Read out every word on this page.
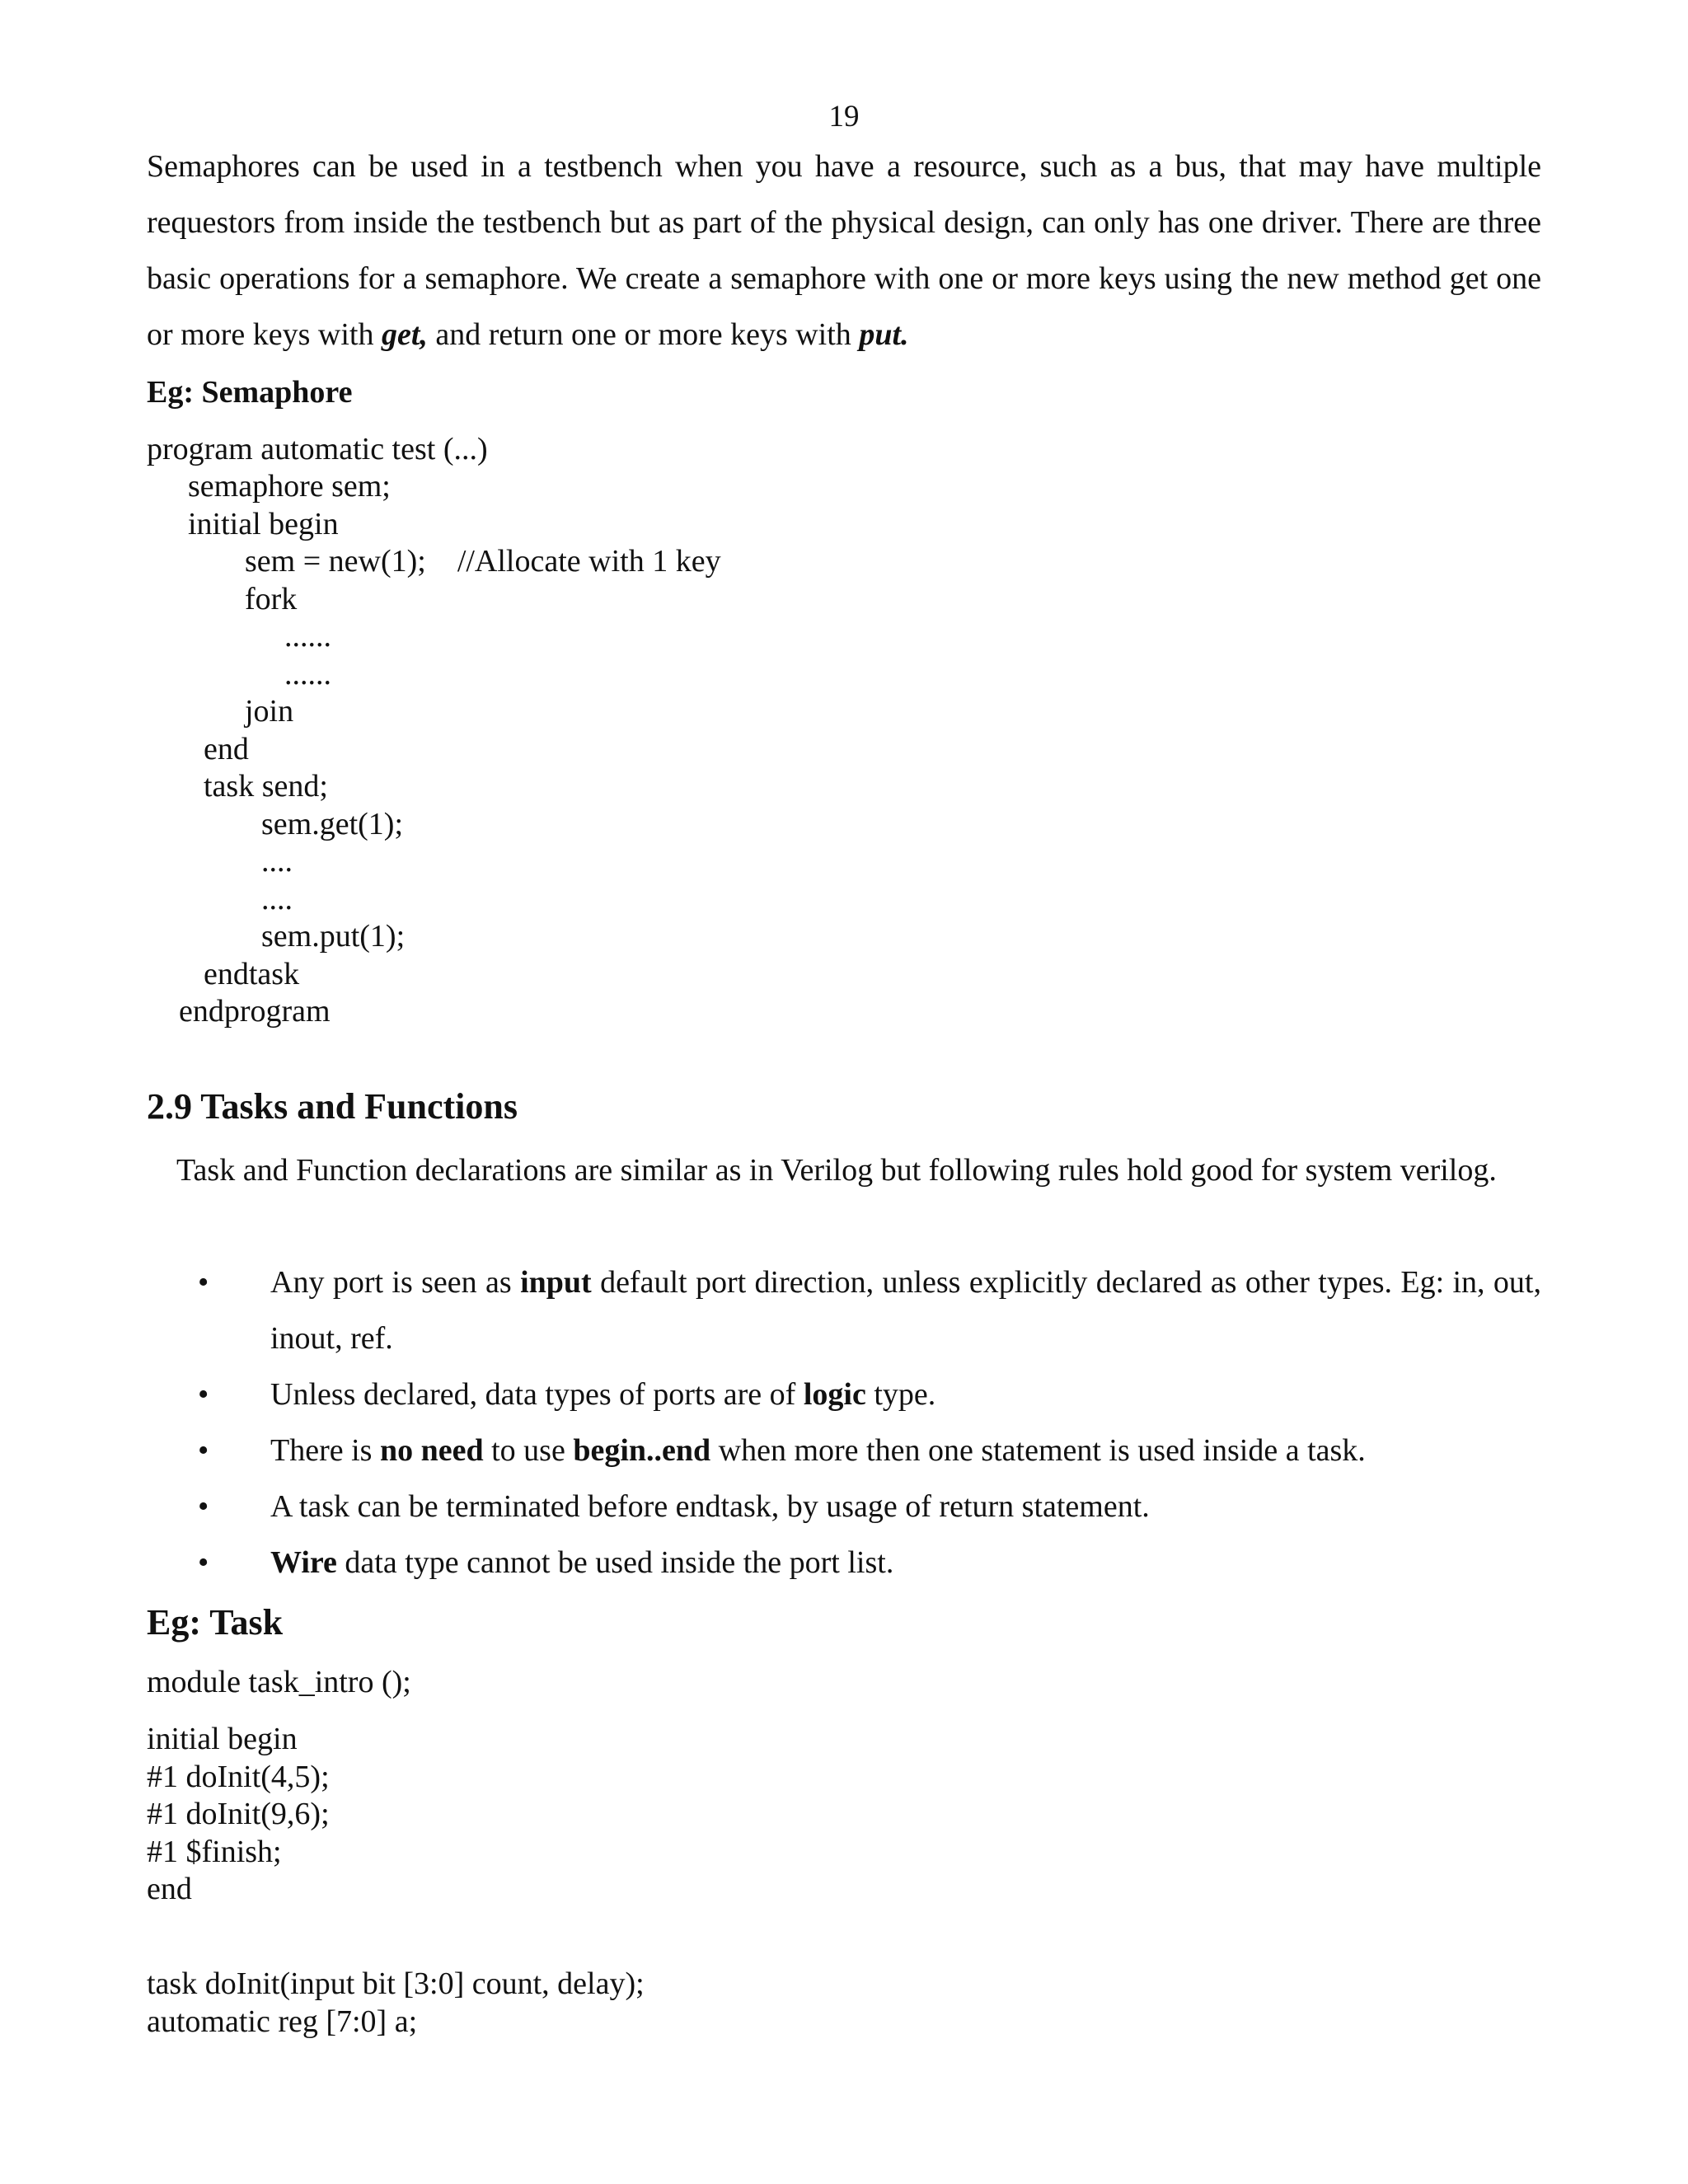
19
Semaphores can be used in a testbench when you have a resource, such as a bus, that may have multiple requestors from inside the testbench but as part of the physical design, can only has one driver. There are three basic operations for a semaphore. We create a semaphore with one or more keys using the new method get one or more keys with get, and return one or more keys with put.
Eg: Semaphore
program automatic test (...)
semaphore sem;
initial begin
sem = new(1);    //Allocate with 1 key
fork
......
......
join
end
task send;
sem.get(1);
....
....
sem.put(1);
endtask
endprogram
2.9 Tasks and Functions
Task and Function declarations are similar as in Verilog but following rules hold good for system verilog.
• Any port is seen as input default port direction, unless explicitly declared as other types. Eg: in, out, inout, ref.
• Unless declared, data types of ports are of logic type.
• There is no need to use begin..end when more then one statement is used inside a task.
• A task can be terminated before endtask, by usage of return statement.
• Wire data type cannot be used inside the port list.
Eg: Task
module task_intro ();
initial begin
#1 doInit(4,5);
#1 doInit(9,6);
#1 $finish;
end
task doInit(input bit [3:0] count, delay);
automatic reg [7:0] a;
